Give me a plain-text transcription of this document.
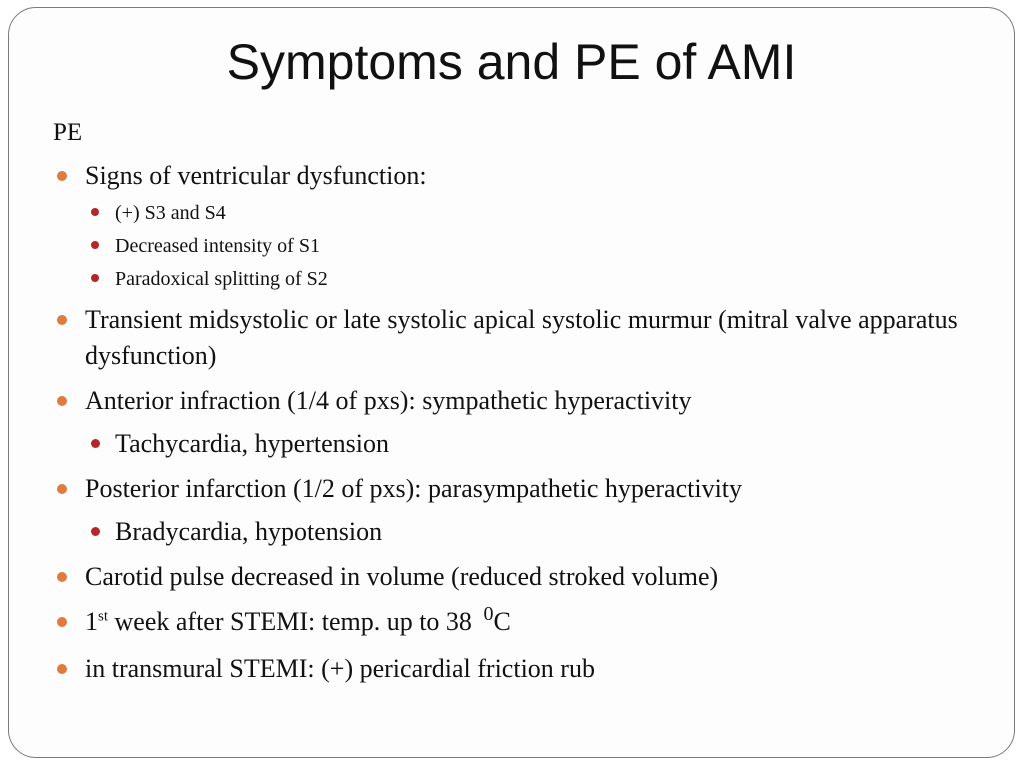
Symptoms and PE of AMI
PE
Signs of ventricular dysfunction:
(+) S3 and S4
Decreased intensity of S1
Paradoxical splitting of S2
Transient midsystolic or late systolic apical systolic murmur (mitral valve apparatus dysfunction)
Anterior infraction (1/4 of pxs): sympathetic hyperactivity
Tachycardia, hypertension
Posterior infarction (1/2 of pxs): parasympathetic hyperactivity
Bradycardia, hypotension
Carotid pulse decreased in volume (reduced stroked volume)
1st week after STEMI: temp. up to 38 $^0$C
in transmural STEMI: (+) pericardial friction rub
